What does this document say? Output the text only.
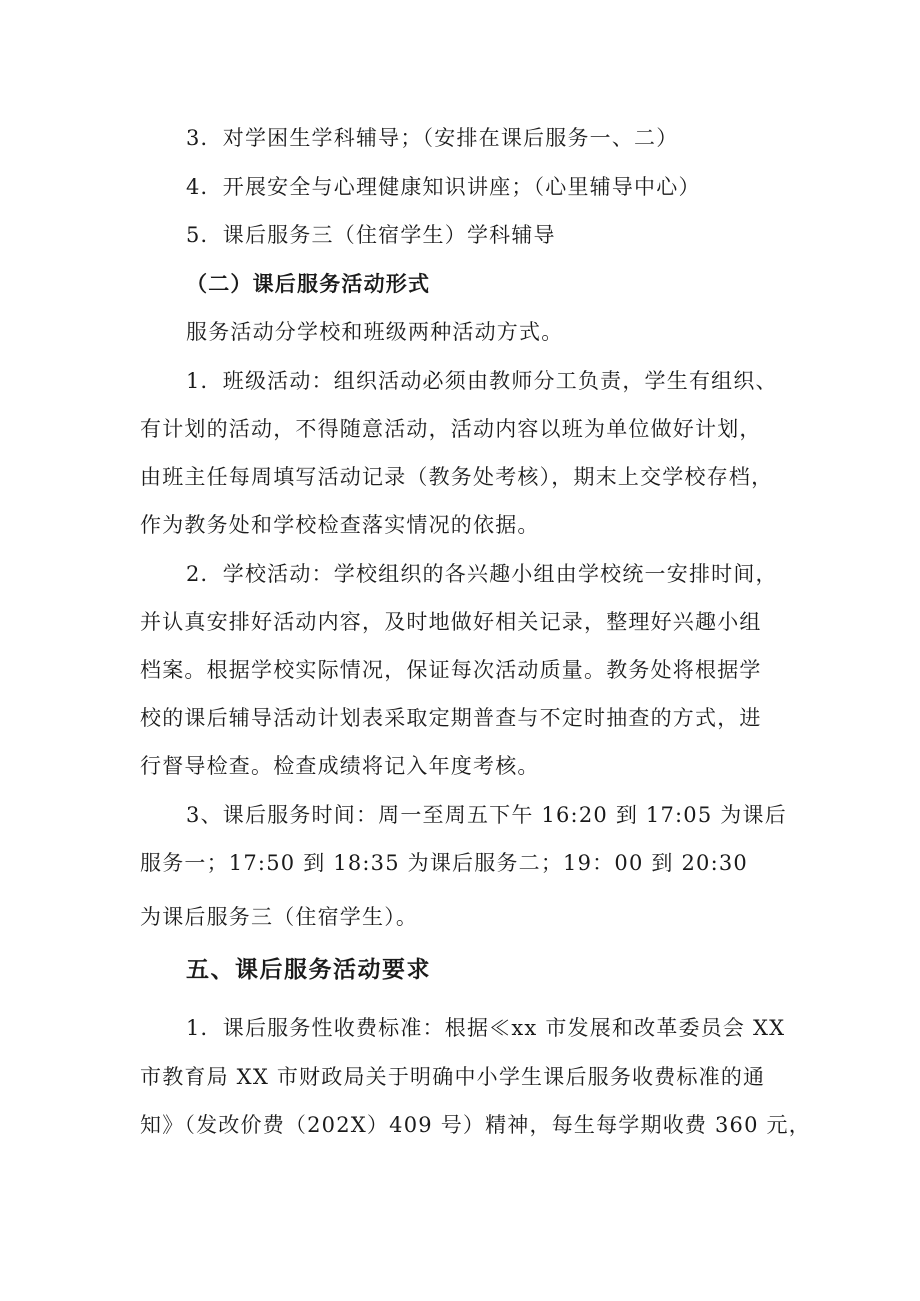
3．对学困生学科辅导；（安排在课后服务一、二）
4．开展安全与心理健康知识讲座；（心里辅导中心）
5．课后服务三（住宿学生）学科辅导
（二）课后服务活动形式
服务活动分学校和班级两种活动方式。
1．班级活动：组织活动必须由教师分工负责，学生有组织、
有计划的活动，不得随意活动，活动内容以班为单位做好计划，
由班主任每周填写活动记录（教务处考核），期末上交学校存档，
作为教务处和学校检查落实情况的依据。
2．学校活动：学校组织的各兴趣小组由学校统一安排时间，
并认真安排好活动内容，及时地做好相关记录，整理好兴趣小组
档案。根据学校实际情况，保证每次活动质量。教务处将根据学
校的课后辅导活动计划表采取定期普查与不定时抽查的方式，进
行督导检查。检查成绩将记入年度考核。
3、课后服务时间：周一至周五下午 16:20 到 17:05 为课后
服务一；17:50 到 18:35 为课后服务二；19：00 到 20:30
为课后服务三（住宿学生）。
五、课后服务活动要求
1．课后服务性收费标准：根据≪xx 市发展和改革委员会 XX
市教育局 XX 市财政局关于明确中小学生课后服务收费标准的通
知》（发改价费（202X）409 号）精神，每生每学期收费 360 元，
